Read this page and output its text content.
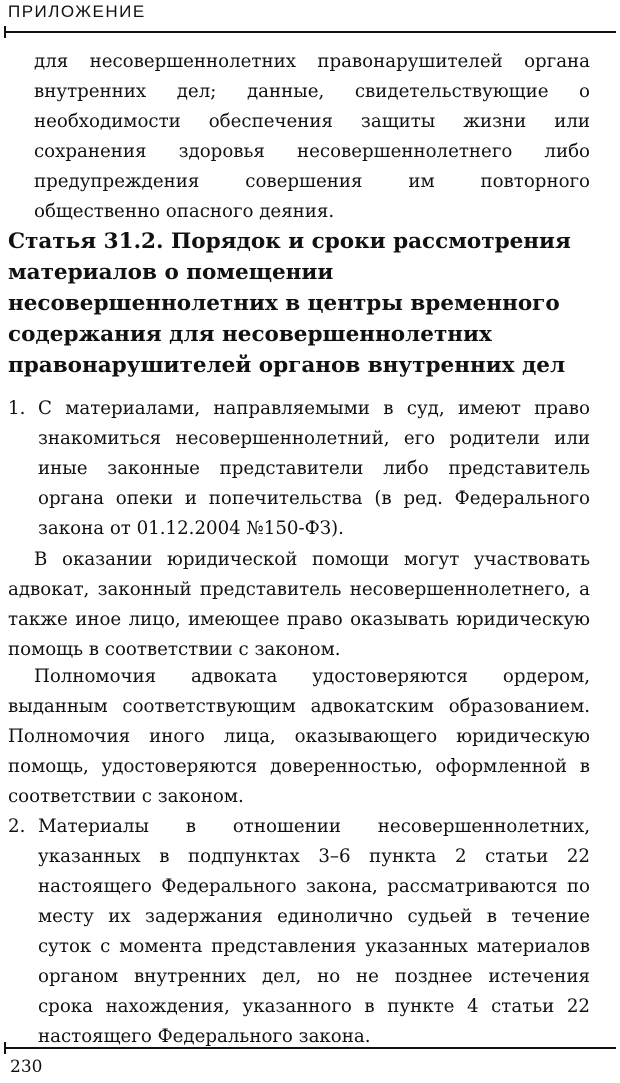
ПРИЛОЖЕНИЕ
для несовершеннолетних правонарушителей органа внутренних дел; данные, свидетельствующие о необходимости обеспечения защиты жизни или сохранения здоровья несовершеннолетнего либо предупреждения совершения им повторного общественно опасного деяния.
Статья 31.2. Порядок и сроки рассмотрения материалов о помещении несовершеннолетних в центры временного содержания для несовершеннолетних правонарушителей органов внутренних дел
1. С материалами, направляемыми в суд, имеют право знакомиться несовершеннолетний, его родители или иные законные представители либо представитель органа опеки и попечительства (в ред. Федерального закона от 01.12.2004 №150-ФЗ).
В оказании юридической помощи могут участвовать адвокат, законный представитель несовершеннолетнего, а также иное лицо, имеющее право оказывать юридическую помощь в соответствии с законом.
Полномочия адвоката удостоверяются ордером, выданным соответствующим адвокатским образованием. Полномочия иного лица, оказывающего юридическую помощь, удостоверяются доверенностью, оформленной в соответствии с законом.
2. Материалы в отношении несовершеннолетних, указанных в подпунктах 3–6 пункта 2 статьи 22 настоящего Федерального закона, рассматриваются по месту их задержания единолично судьей в течение суток с момента представления указанных материалов органом внутренних дел, но не позднее истечения срока нахождения, указанного в пункте 4 статьи 22 настоящего Федерального закона.
230
